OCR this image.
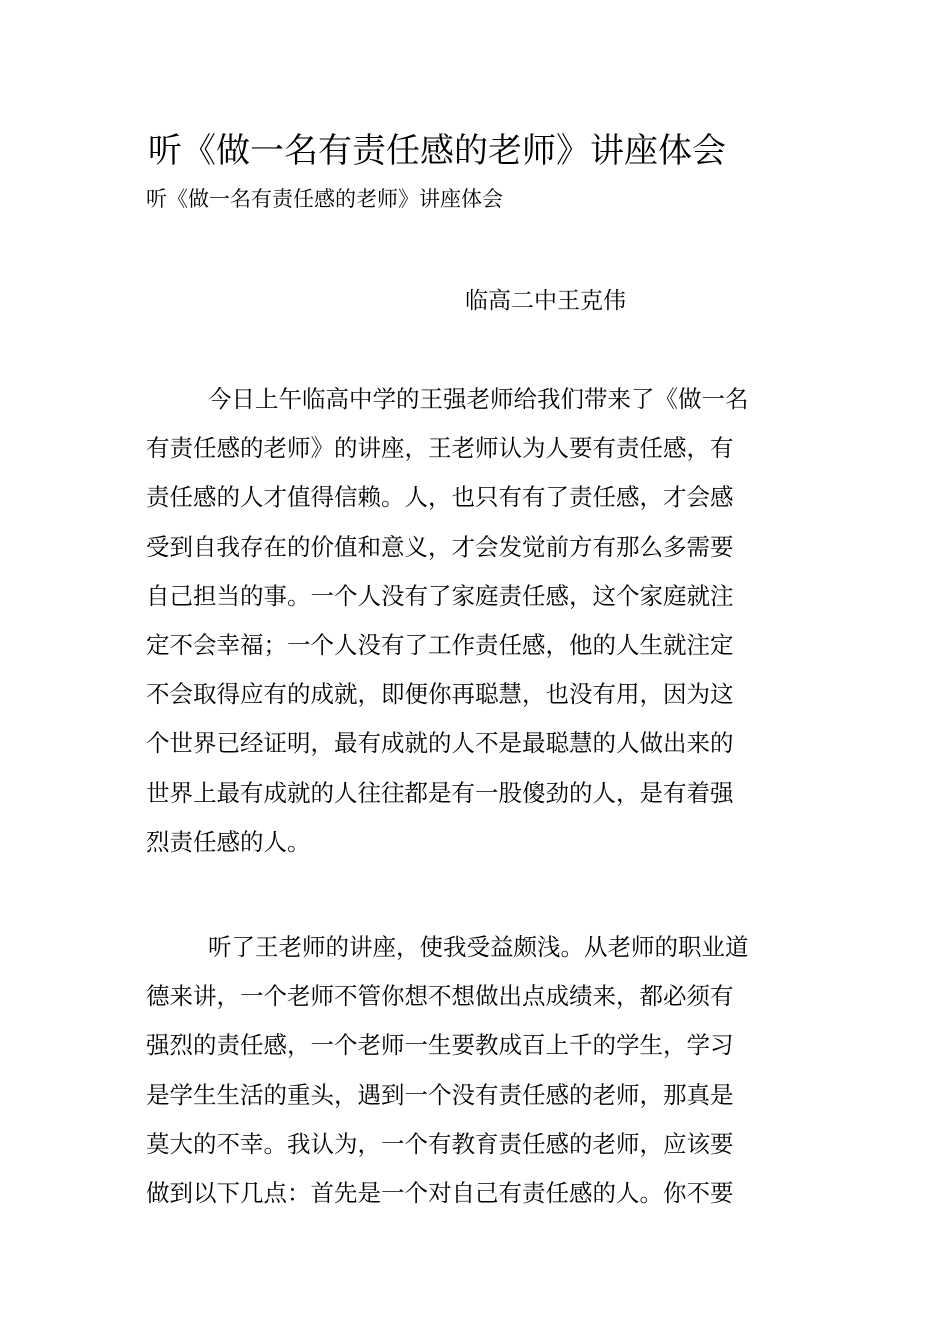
听《做一名有责任感的老师》讲座体会
听《做一名有责任感的老师》讲座体会
临高二中王克伟
今日上午临高中学的王强老师给我们带来了《做一名
有责任感的老师》的讲座，王老师认为人要有责任感，有
责任感的人才值得信赖。人，也只有有了责任感，才会感
受到自我存在的价值和意义，才会发觉前方有那么多需要
自己担当的事。一个人没有了家庭责任感，这个家庭就注
定不会幸福；一个人没有了工作责任感，他的人生就注定
不会取得应有的成就，即便你再聪慧，也没有用，因为这
个世界已经证明，最有成就的人不是最聪慧的人做出来的
世界上最有成就的人往往都是有一股傻劲的人，是有着强
烈责任感的人。
听了王老师的讲座，使我受益颇浅。从老师的职业道
德来讲，一个老师不管你想不想做出点成绩来，都必须有
强烈的责任感，一个老师一生要教成百上千的学生，学习
是学生生活的重头，遇到一个没有责任感的老师，那真是
莫大的不幸。我认为，一个有教育责任感的老师，应该要
做到以下几点：首先是一个对自己有责任感的人。你不要
